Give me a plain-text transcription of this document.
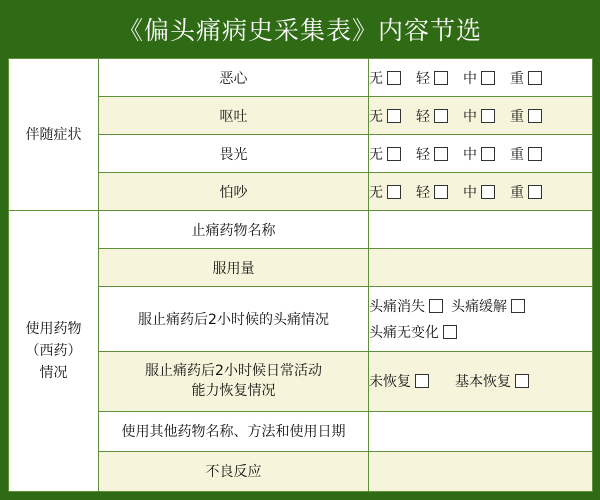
《偏头痛病史采集表》内容节选
伴随症状	恶心	无 轻 中 重

	呕吐	无 轻 中 重

	畏光	无 轻 中 重

	怕吵	无 轻 中 重

使用药物
（西药）
情况	止痛药物名称	
	服用量	
	服止痛药后2小时候的头痛情况	头痛消失 头痛缓解
头痛无变化

	服止痛药后2小时候日常活动
能力恢复情况	未恢复 基本恢复

	使用其他药物名称、方法和使用日期	
	不良反应	
